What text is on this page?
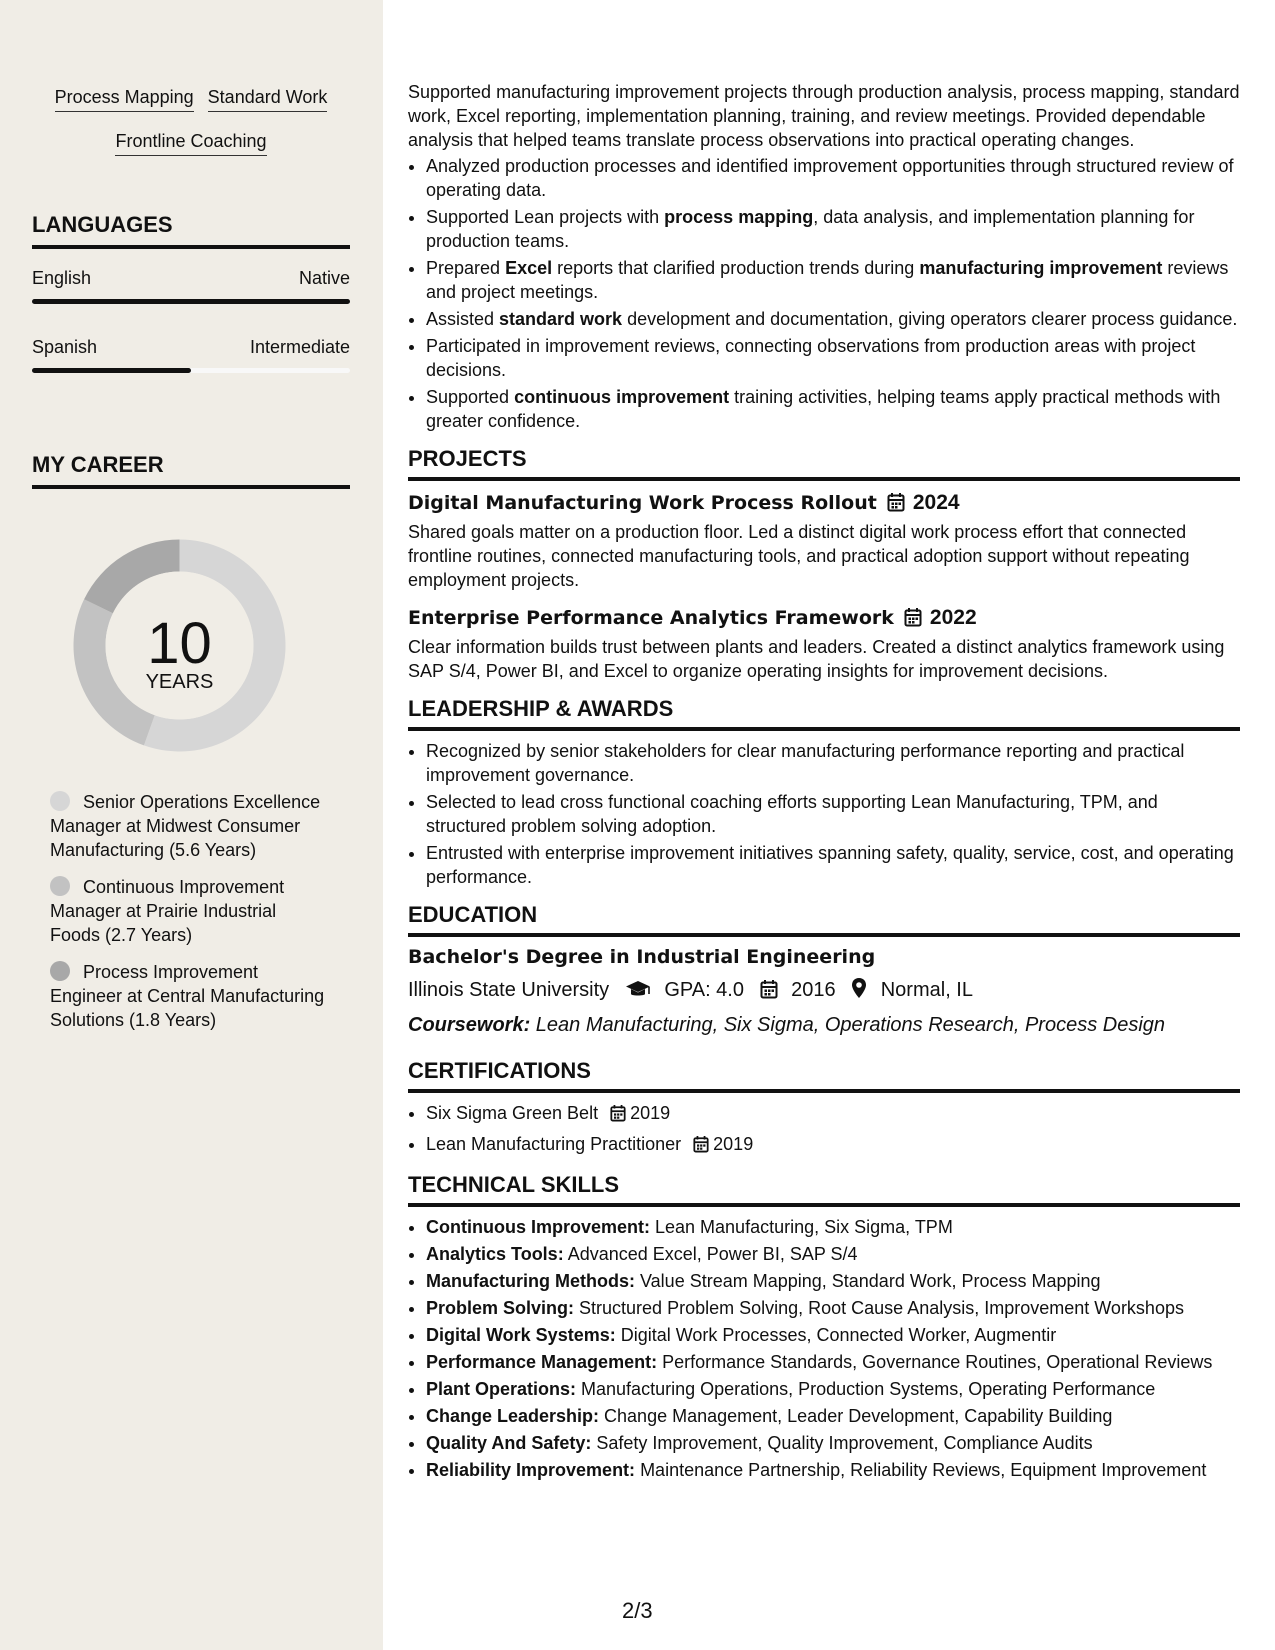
Process Mapping Standard Work
Frontline Coaching
LANGUAGES
English	Native
Spanish	Intermediate
MY CAREER
10
YEARS
Senior Operations Excellence Manager at Midwest Consumer Manufacturing (5.6 Years)
Continuous Improvement Manager at Prairie Industrial Foods (2.7 Years)
Process Improvement Engineer at Central Manufacturing Solutions (1.8 Years)

Supported manufacturing improvement projects through production analysis, process mapping, standard work, Excel reporting, implementation planning, training, and review meetings. Provided dependable analysis that helped teams translate process observations into practical operating changes.

• Analyzed production processes and identified improvement opportunities through structured review of operating data.
• Supported Lean projects with process mapping, data analysis, and implementation planning for production teams.
• Prepared Excel reports that clarified production trends during manufacturing improvement reviews and project meetings.
• Assisted standard work development and documentation, giving operators clearer process guidance.
• Participated in improvement reviews, connecting observations from production areas with project decisions.
• Supported continuous improvement training activities, helping teams apply practical methods with greater confidence.
PROJECTS
Digital Manufacturing Work Process Rollout 2024
Shared goals matter on a production floor. Led a distinct digital work process effort that connected frontline routines, connected manufacturing tools, and practical adoption support without repeating employment projects.
Enterprise Performance Analytics Framework 2022
Clear information builds trust between plants and leaders. Created a distinct analytics framework using SAP S/4, Power BI, and Excel to organize operating insights for improvement decisions.
LEADERSHIP & AWARDS
• Recognized by senior stakeholders for clear manufacturing performance reporting and practical improvement governance.
• Selected to lead cross functional coaching efforts supporting Lean Manufacturing, TPM, and structured problem solving adoption.
• Entrusted with enterprise improvement initiatives spanning safety, quality, service, cost, and operating performance.
EDUCATION
Bachelor's Degree in Industrial Engineering
Illinois State University	GPA: 4.0 2016 Normal, IL
Coursework: Lean Manufacturing, Six Sigma, Operations Research, Process Design
CERTIFICATIONS
• Six Sigma Green Belt 2019
• Lean Manufacturing Practitioner 2019
TECHNICAL SKILLS
• Continuous Improvement: Lean Manufacturing, Six Sigma, TPM
• Analytics Tools: Advanced Excel, Power BI, SAP S/4
• Manufacturing Methods: Value Stream Mapping, Standard Work, Process Mapping
• Problem Solving: Structured Problem Solving, Root Cause Analysis, Improvement Workshops
• Digital Work Systems: Digital Work Processes, Connected Worker, Augmentir
• Performance Management: Performance Standards, Governance Routines, Operational Reviews
• Plant Operations: Manufacturing Operations, Production Systems, Operating Performance
• Change Leadership: Change Management, Leader Development, Capability Building
• Quality And Safety: Safety Improvement, Quality Improvement, Compliance Audits
• Reliability Improvement: Maintenance Partnership, Reliability Reviews, Equipment Improvement
2/3
